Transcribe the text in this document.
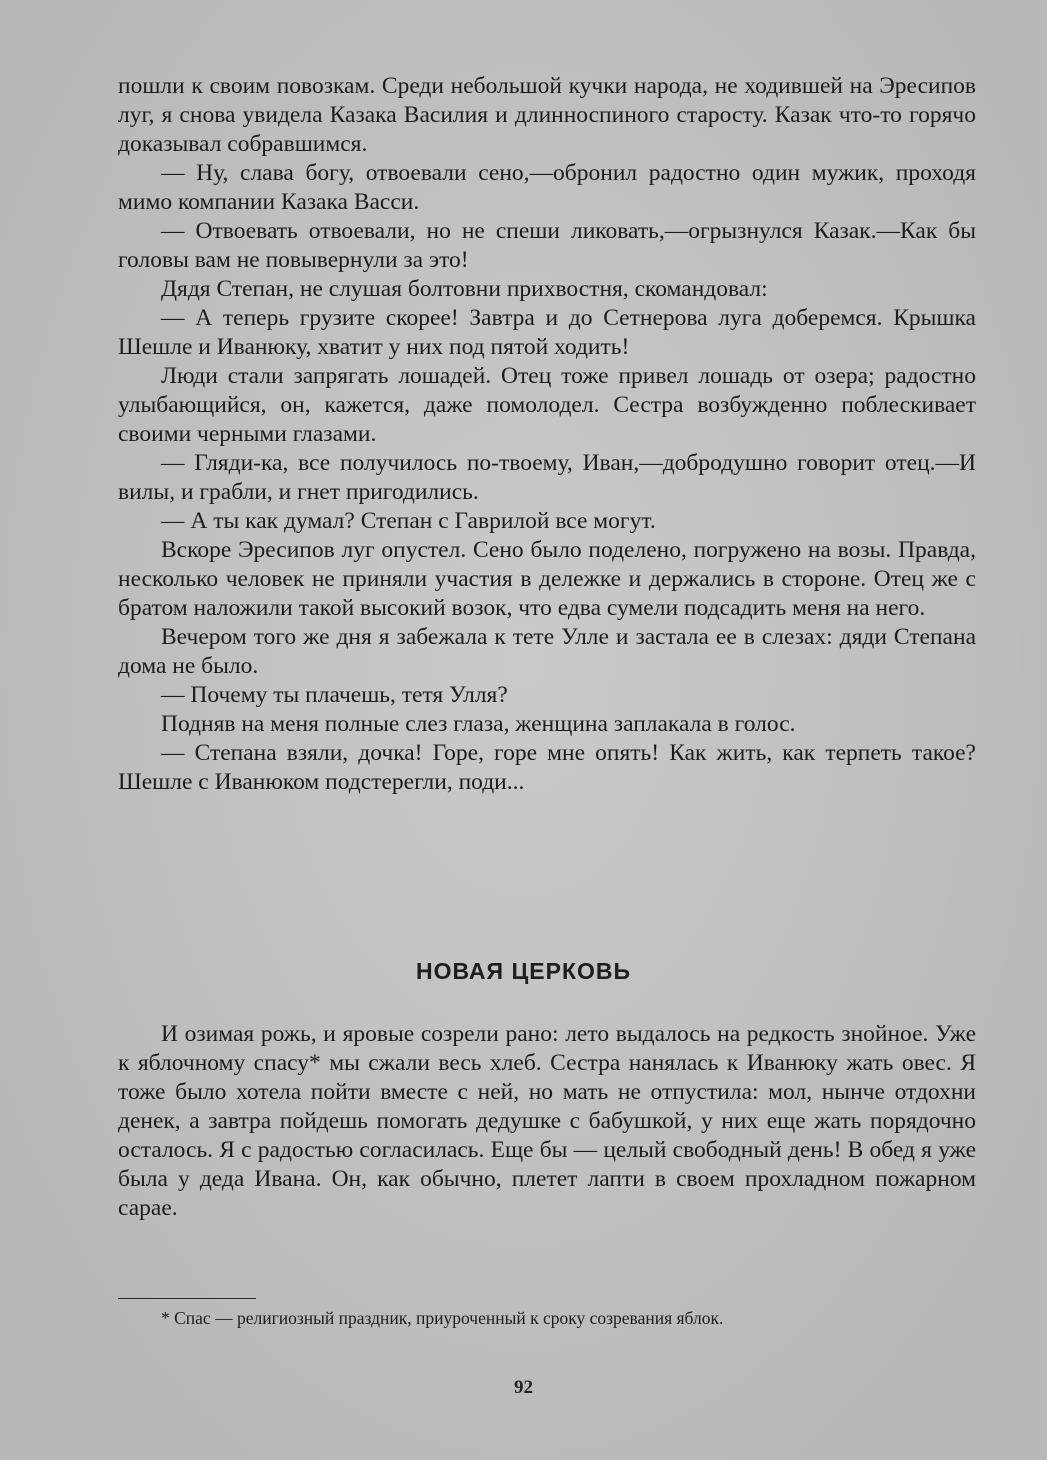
пошли к своим повозкам. Среди небольшой кучки народа, не ходившей на Эресипов луг, я снова увидела Казака Василия и длинноспиного старосту. Казак что-то горячо доказывал собравшимся.

— Ну, слава богу, отвоевали сено,—обронил радостно один мужик, проходя мимо компании Казака Васси.

— Отвоевать отвоевали, но не спеши ликовать,—огрызнулся Казак.—Как бы головы вам не повывернули за это!

Дядя Степан, не слушая болтовни прихвостня, скомандовал:

— А теперь грузите скорее! Завтра и до Сетнерова луга доберемся. Крышка Шешле и Иванюку, хватит у них под пятой ходить!

Люди стали запрягать лошадей. Отец тоже привел лошадь от озера; радостно улыбающийся, он, кажется, даже помолодел. Сестра возбужденно поблескивает своими черными глазами.

— Гляди-ка, все получилось по-твоему, Иван,—добродушно говорит отец.—И вилы, и грабли, и гнет пригодились.

— А ты как думал? Степан с Гаврилой все могут.

Вскоре Эресипов луг опустел. Сено было поделено, погружено на возы. Правда, несколько человек не приняли участия в дележке и держались в стороне. Отец же с братом наложили такой высокий возок, что едва сумели подсадить меня на него.

Вечером того же дня я забежала к тете Улле и застала ее в слезах: дяди Степана дома не было.

— Почему ты плачешь, тетя Улля?

Подняв на меня полные слез глаза, женщина заплакала в голос.

— Степана взяли, дочка! Горе, горе мне опять! Как жить, как терпеть такое? Шешле с Иванюком подстерегли, поди...

НОВАЯ ЦЕРКОВЬ

И озимая рожь, и яровые созрели рано: лето выдалось на редкость знойное. Уже к яблочному спасу* мы сжали весь хлеб. Сестра нанялась к Иванюку жать овес. Я тоже было хотела пойти вместе с ней, но мать не отпустила: мол, нынче отдохни денек, а завтра пойдешь помогать дедушке с бабушкой, у них еще жать порядочно осталось. Я с радостью согласилась. Еще бы — целый свободный день! В обед я уже была у деда Ивана. Он, как обычно, плетет лапти в своем прохладном пожарном сарае.

* Спас — религиозный праздник, приуроченный к сроку созревания яблок.

92
